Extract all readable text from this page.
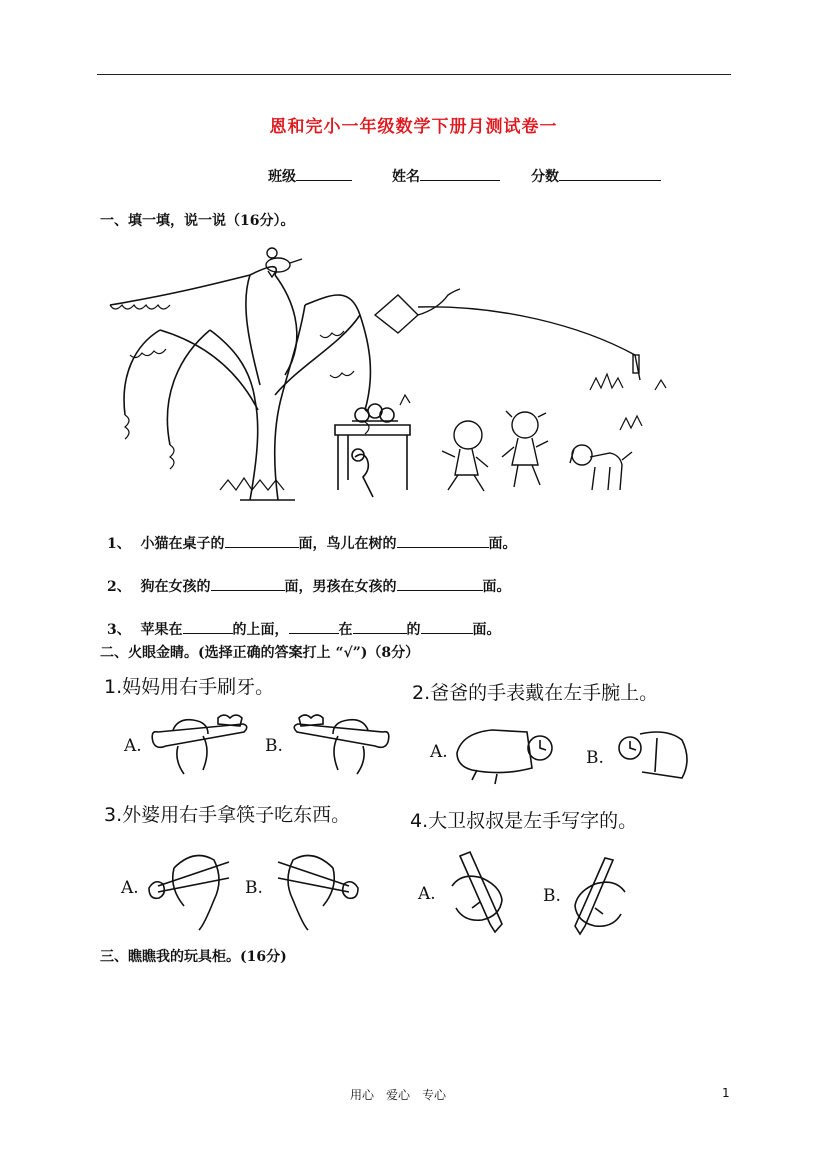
恩和完小一年级数学下册月测试卷一
班级	姓名	分数
一、填一填，说一说（16分）。
1、 小猫在桌子的	面，鸟儿在树的	面。
2、 狗在女孩的	面，男孩在女孩的	面。
3、 苹果在	的上面，	在	的	面。
二、火眼金睛。(选择正确的答案打上 “√”)（8分）
1.妈妈用右手刷牙。	2.爸爸的手表戴在左手腕上。
3.外婆用右手拿筷子吃东西。	4.大卫叔叔是左手写字的。
A.	B.	A.	B.
A.	B.	A.	B.
三、瞧瞧我的玩具柜。(16分)
用心　爱心　专心	1
